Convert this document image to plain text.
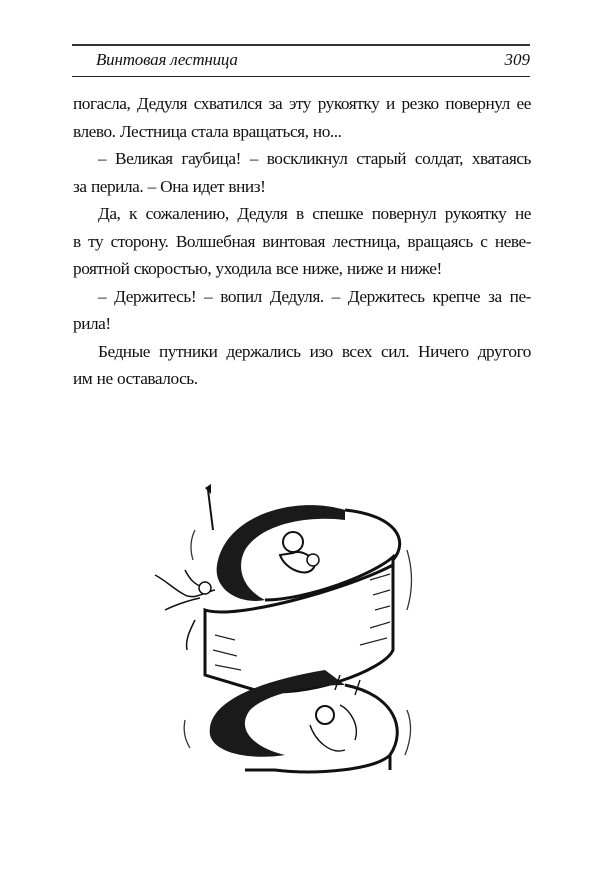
Винтовая лестница	309

погасла, Дедуля схватился за эту рукоятку и резко повернул ее
влево. Лестница стала вращаться, но...

– Великая гаубица! – воскликнул старый солдат, хватаясь
за перила. – Она идет вниз!

Да, к сожалению, Дедуля в спешке повернул рукоятку не
в ту сторону. Волшебная винтовая лестница, вращаясь с неве-
роятной скоростью, уходила все ниже, ниже и ниже!

– Держитесь! – вопил Дедуля. – Держитесь крепче за пе-
рила!

Бедные путники держались изо всех сил. Ничего другого
им не оставалось.
